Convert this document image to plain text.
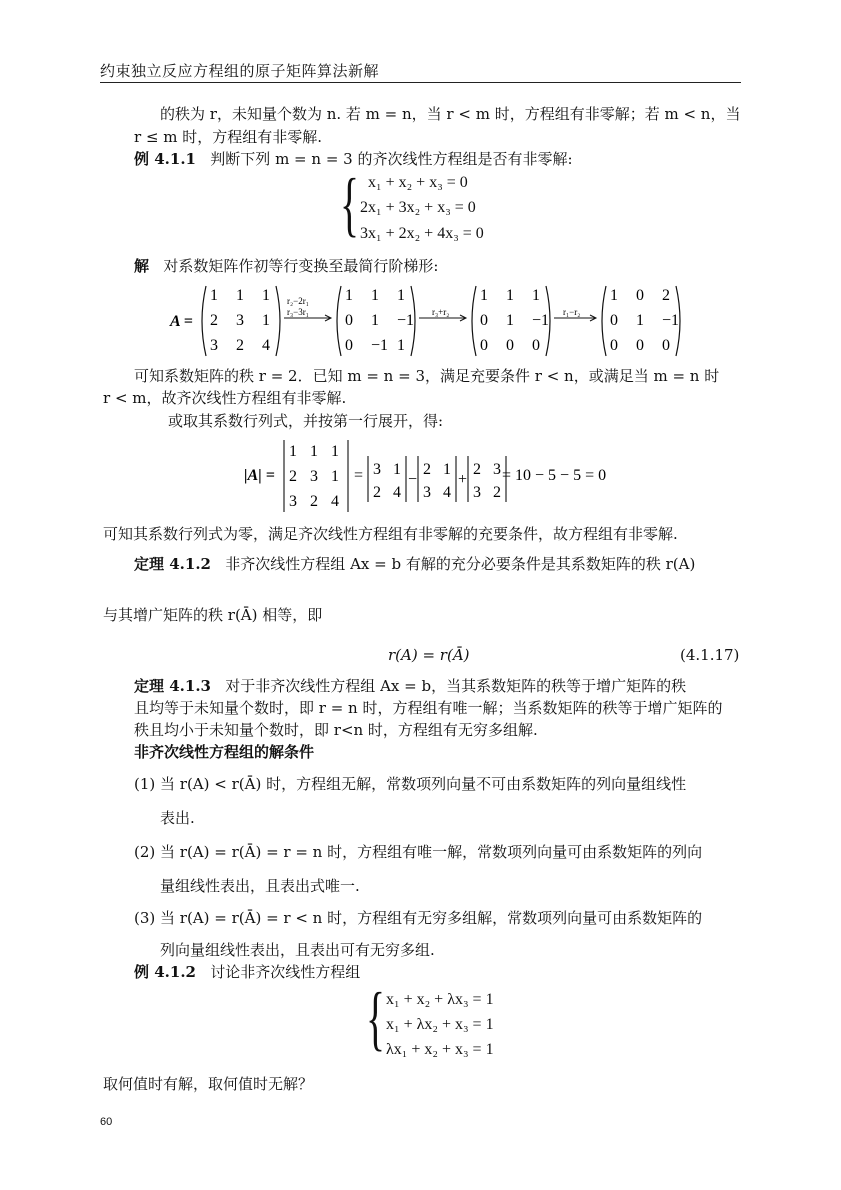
约束独立反应方程组的原子矩阵算法新解
的秩为 r，未知量个数为 n. 若 m = n，当 r < m 时，方程组有非零解；若 m < n，当
r ≤ m 时，方程组有非零解.
例 4.1.1 判断下列 m = n = 3 的齐次线性方程组是否有非零解:
{ x₁ + x₂ + x₃ = 0
2x₁ + 3x₂ + x₃ = 0
3x₁ + 2x₂ + 4x₃ = 0
解 对系数矩阵作初等行变换至最简行阶梯形:
A =
1 1 1
2 3 1
3 2 4
1 1 1
0 1 −1
0 −1 1
1 1 1
0 1 −1
0 0 0
1 0 2
0 1 −1
0 0 0
r₂−2r₁
r₃−3r₁	r₃+r₂	r₁−r₂
可知系数矩阵的秩 r = 2．已知 m = n = 3，满足充要条件 r < n，或满足当 m = n 时
r < m，故齐次线性方程组有非零解.
或取其系数行列式，并按第一行展开，得:
|A| =
1 1 1
2 3 1
3 2 4
= 3 1
2 4
−
2 1
3 4
+
2 3
3 2
= 10 − 5 − 5 = 0
可知其系数行列式为零，满足齐次线性方程组有非零解的充要条件，故方程组有非零解.
定理 4.1.2 非齐次线性方程组 Ax = b 有解的充分必要条件是其系数矩阵的秩 r(A)
与其增广矩阵的秩 r(Ā) 相等，即
r(A) = r(Ā)	(4.1.17)
定理 4.1.3 对于非齐次线性方程组 Ax = b，当其系数矩阵的秩等于增广矩阵的秩
且均等于未知量个数时，即 r = n 时，方程组有唯一解；当系数矩阵的秩等于增广矩阵的
秩且均小于未知量个数时，即 r<n 时，方程组有无穷多组解.
非齐次线性方程组的解条件
(1) 当 r(A) < r(Ā) 时，方程组无解，常数项列向量不可由系数矩阵的列向量组线性
表出.
(2) 当 r(A) = r(Ā) = r = n 时，方程组有唯一解，常数项列向量可由系数矩阵的列向
量组线性表出，且表出式唯一.
(3) 当 r(A) = r(Ā) = r < n 时，方程组有无穷多组解，常数项列向量可由系数矩阵的
列向量组线性表出，且表出可有无穷多组.
例 4.1.2 讨论非齐次线性方程组
{ x₁ + x₂ + λx₃ = 1
x₁ + λx₂ + x₃ = 1
λx₁ + x₂ + x₃ = 1
取何值时有解，取何值时无解？
60
